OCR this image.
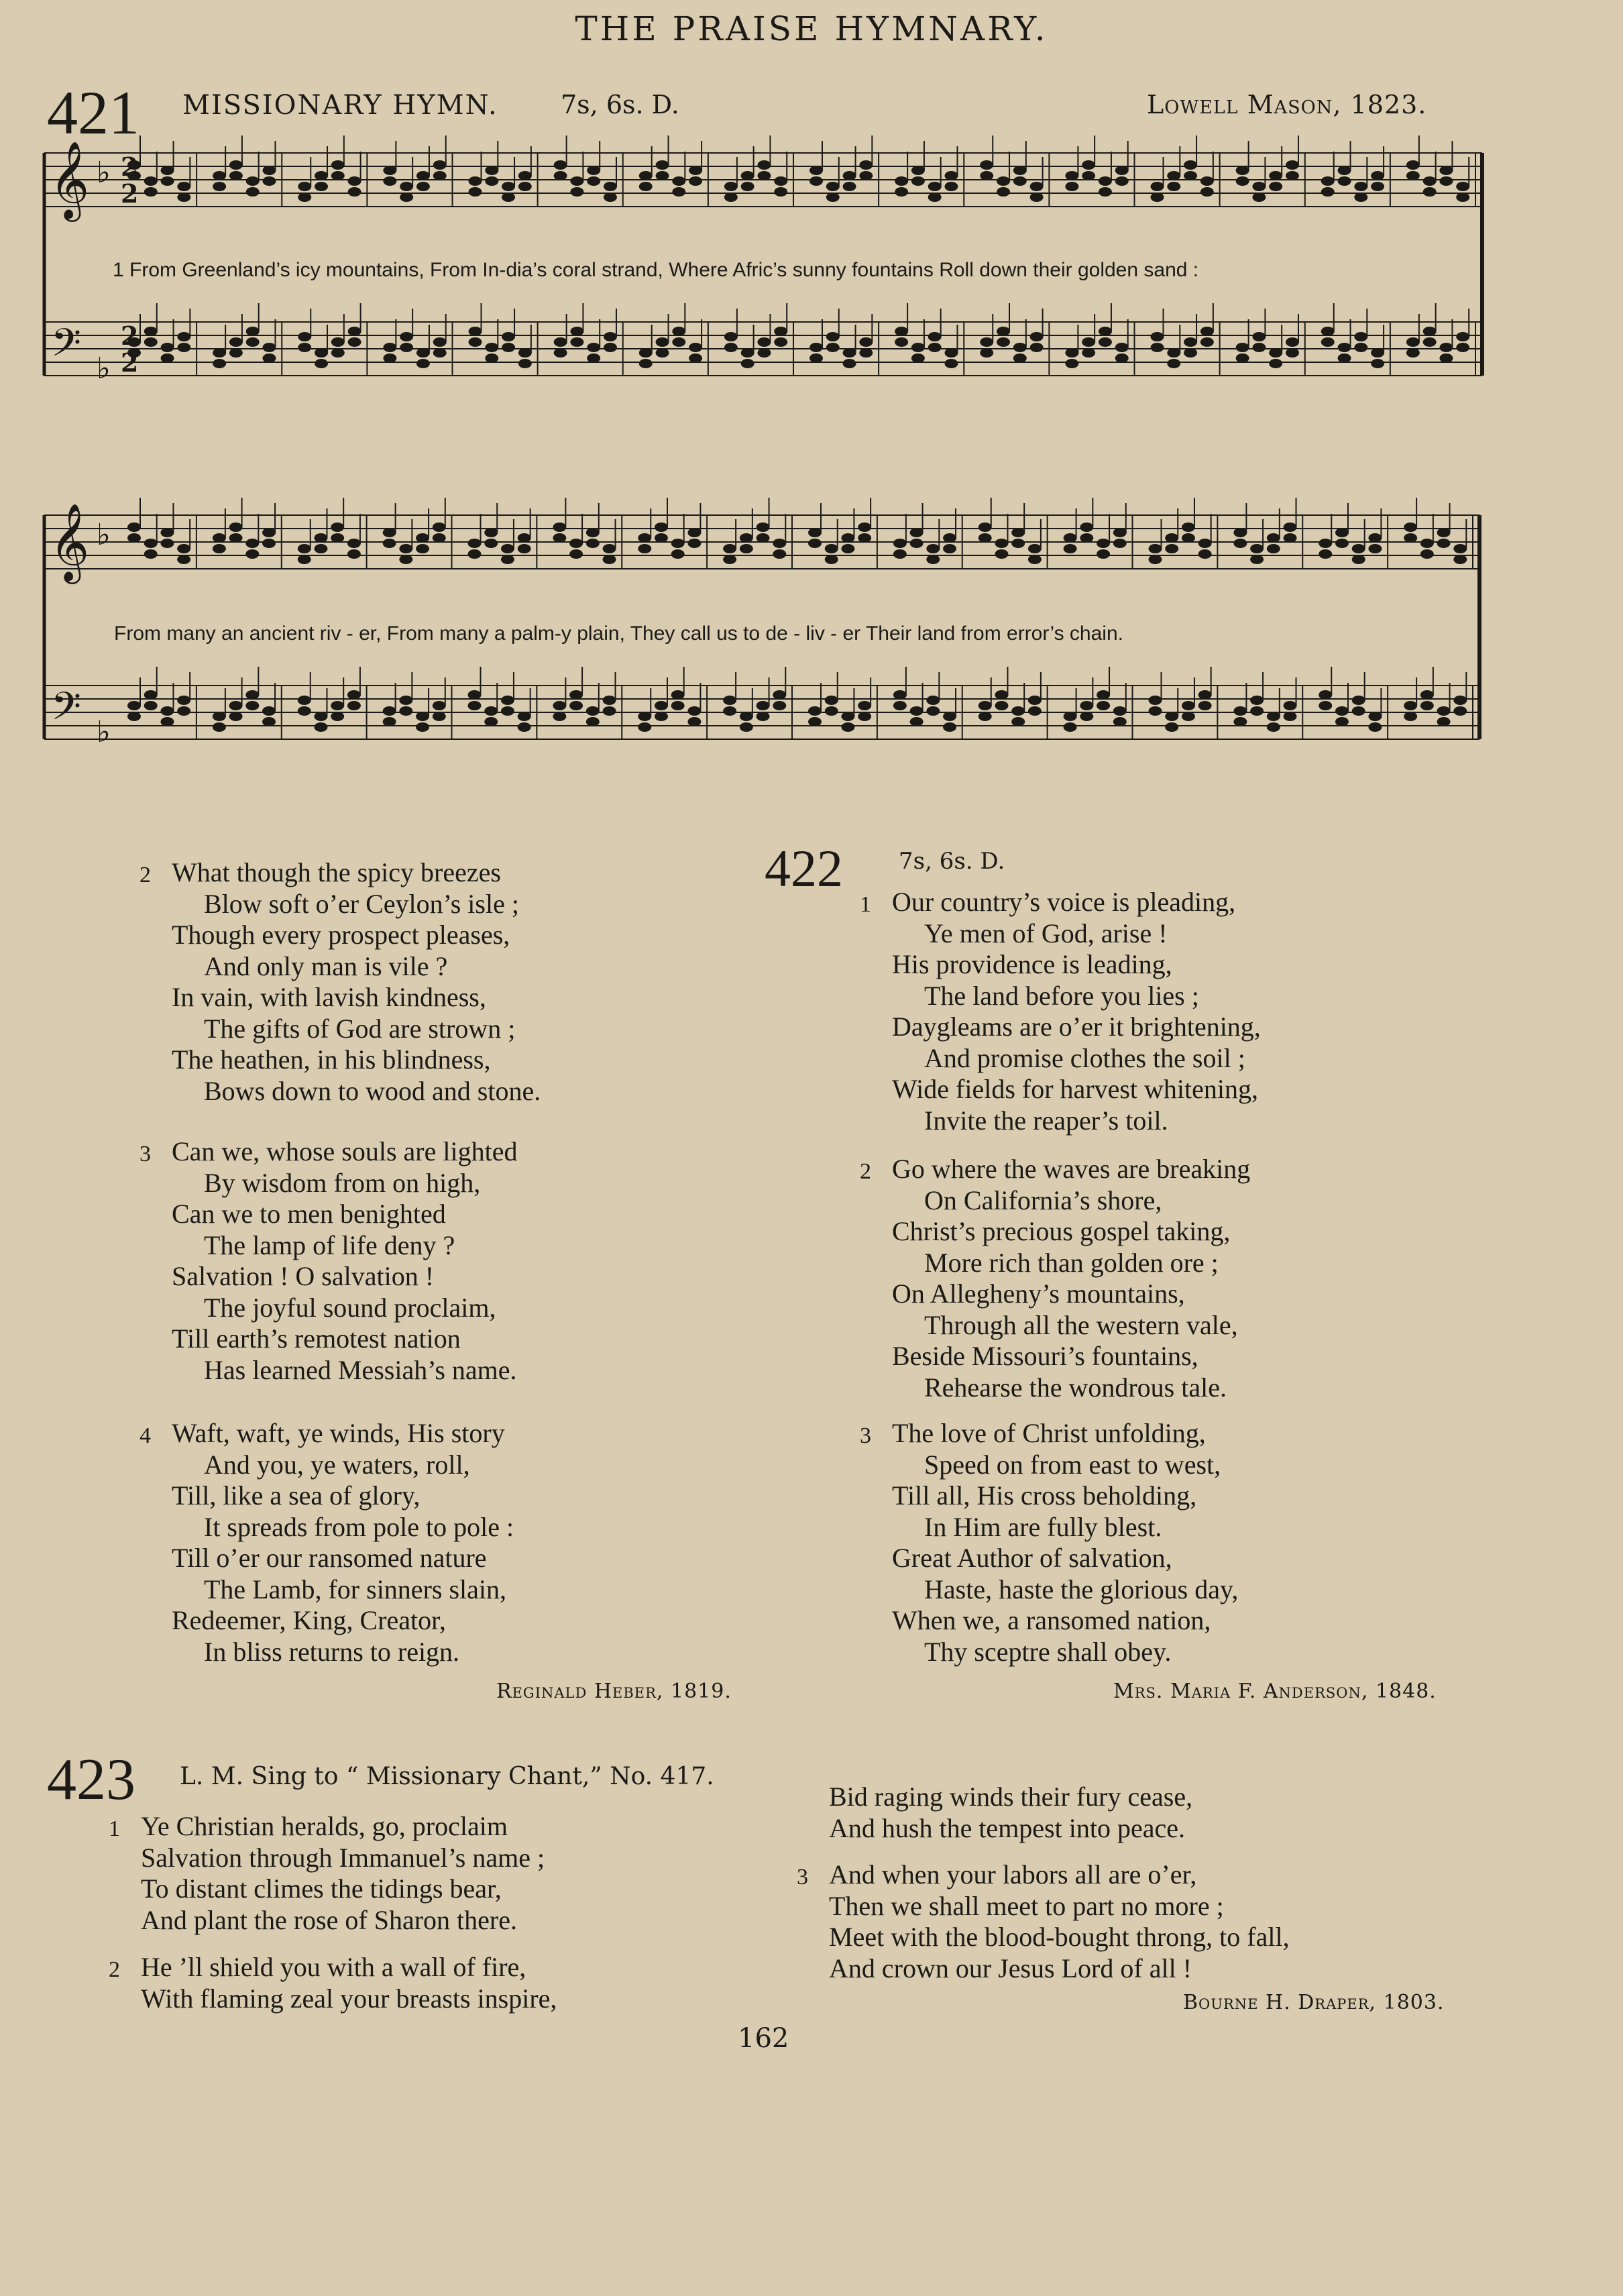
THE PRAISE HYMNARY.
421 MISSIONARY HYMN. 7s, 6s. D.	Lowell Mason, 1823.
𝄞
𝄢
♭
♭
𝄞
𝄢
♭
♭
2
2
2
2
1 From Greenland’s icy mountains, From In-dia’s coral strand, Where Afric’s sunny fountains Roll down their golden sand :
From many an ancient riv - er, From many a palm-y plain, They call us to de - liv - er Their land from error’s chain.
2 What though the spicy breezes
Blow soft o’er Ceylon’s isle ;
Though every prospect pleases,
And only man is vile ?
In vain, with lavish kindness,
The gifts of God are strown ;
The heathen, in his blindness,
Bows down to wood and stone.
3 Can we, whose souls are lighted
By wisdom from on high,
Can we to men benighted
The lamp of life deny ?
Salvation ! O salvation !
The joyful sound proclaim,
Till earth’s remotest nation
Has learned Messiah’s name.
4 Waft, waft, ye winds, His story
And you, ye waters, roll,
Till, like a sea of glory,
It spreads from pole to pole :
Till o’er our ransomed nature
The Lamb, for sinners slain,
Redeemer, King, Creator,
In bliss returns to reign.
Reginald Heber, 1819.
422 7s, 6s. D.
1 Our country’s voice is pleading,
Ye men of God, arise !
His providence is leading,
The land before you lies ;
Daygleams are o’er it brightening,
And promise clothes the soil ;
Wide fields for harvest whitening,
Invite the reaper’s toil.
2 Go where the waves are breaking
On California’s shore,
Christ’s precious gospel taking,
More rich than golden ore ;
On Allegheny’s mountains,
Through all the western vale,
Beside Missouri’s fountains,
Rehearse the wondrous tale.
3 The love of Christ unfolding,
Speed on from east to west,
Till all, His cross beholding,
In Him are fully blest.
Great Author of salvation,
Haste, haste the glorious day,
When we, a ransomed nation,
Thy sceptre shall obey.
Mrs. Maria F. Anderson, 1848.
423 L. M. Sing to “ Missionary Chant,” No. 417.
1 Ye Christian heralds, go, proclaim
Salvation through Immanuel’s name ;
To distant climes the tidings bear,
And plant the rose of Sharon there.
2 He ’ll shield you with a wall of fire,
With flaming zeal your breasts inspire,
Bid raging winds their fury cease,
And hush the tempest into peace.
3 And when your labors all are o’er,
Then we shall meet to part no more ;
Meet with the blood-bought throng, to fall,
And crown our Jesus Lord of all !
Bourne H. Draper, 1803.
162
